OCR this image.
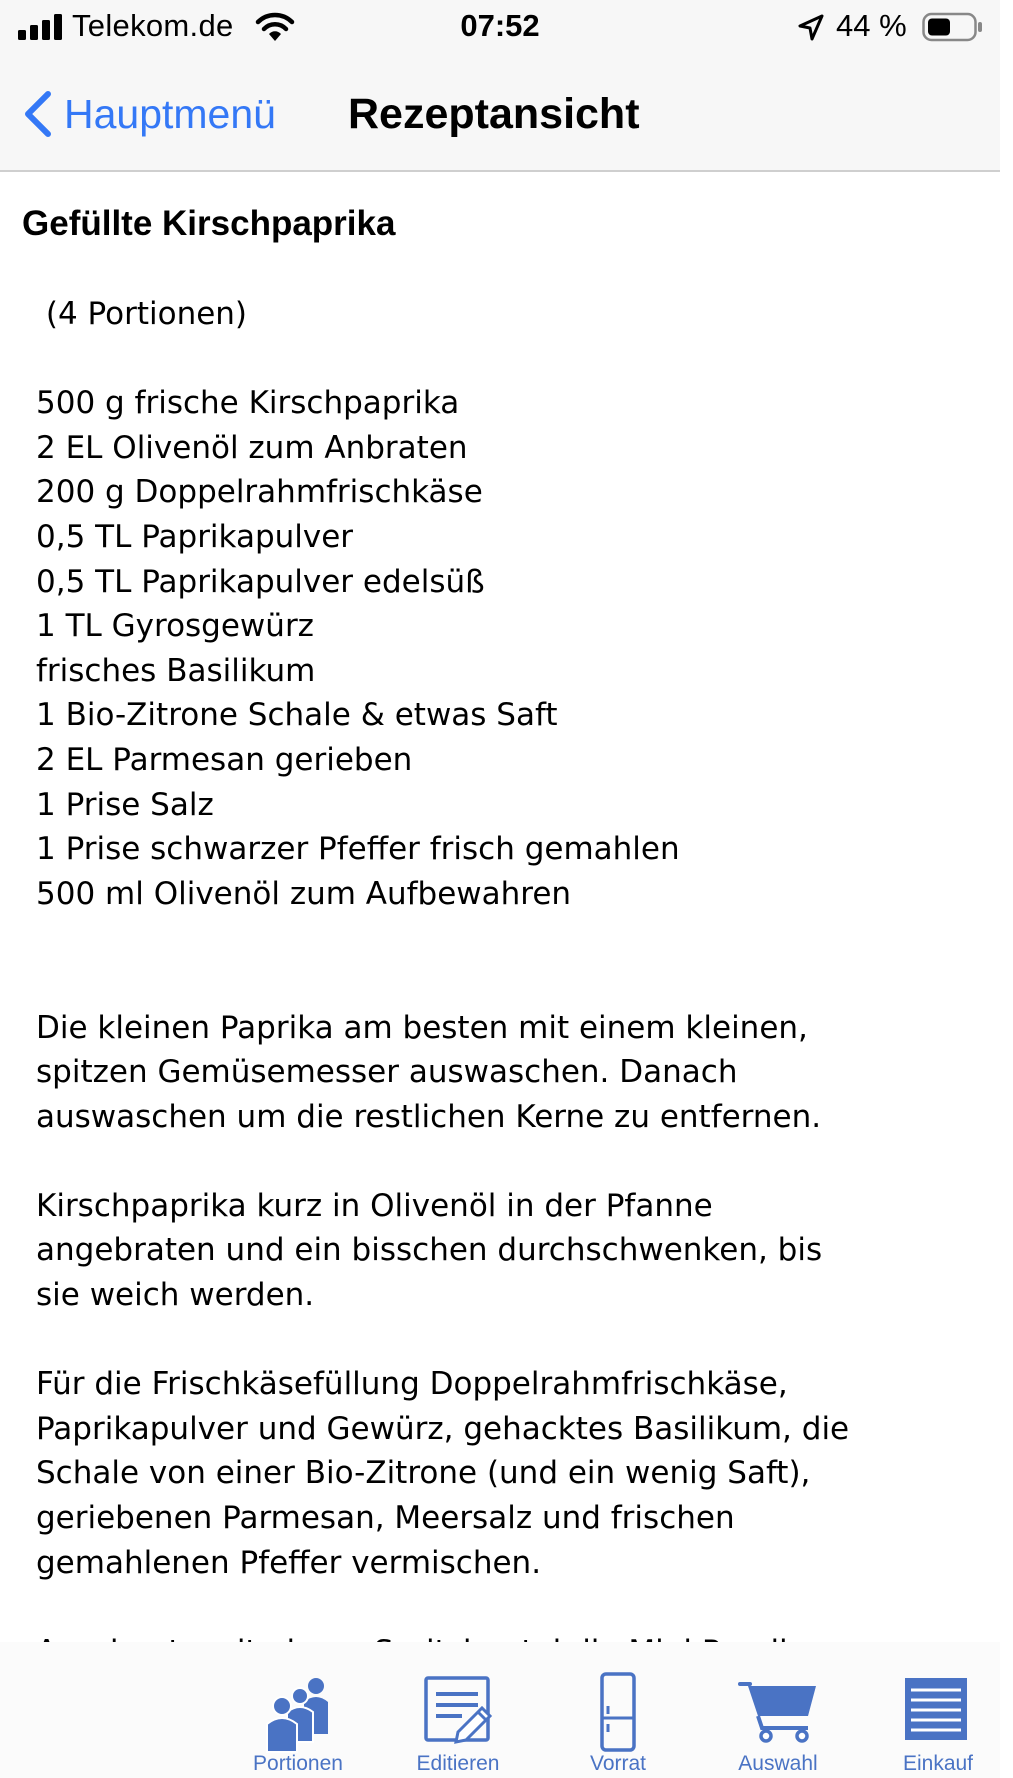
Telekom.de	07:52	44 %
Hauptmenü Rezeptansicht
Gefüllte Kirschpaprika
(4 Portionen)

500 g frische Kirschpaprika
2 EL Olivenöl zum Anbraten
200 g Doppelrahmfrischkäse
0,5 TL Paprikapulver
0,5 TL Paprikapulver edelsüß
1 TL Gyrosgewürz
frisches Basilikum
1 Bio-Zitrone Schale & etwas Saft
2 EL Parmesan gerieben
1 Prise Salz
1 Prise schwarzer Pfeffer frisch gemahlen
500 ml Olivenöl zum Aufbewahren

Die kleinen Paprika am besten mit einem kleinen,
spitzen Gemüsemesser auswaschen. Danach
auswaschen um die restlichen Kerne zu entfernen.

Kirschpaprika kurz in Olivenöl in der Pfanne
angebraten und ein bisschen durchschwenken, bis
sie weich werden.

Für die Frischkäsefüllung Doppelrahmfrischkäse,
Paprikapulver und Gewürz, gehacktes Basilikum, die
Schale von einer Bio-Zitrone (und ein wenig Saft),
geriebenen Parmesan, Meersalz und frischen
gemahlenen Pfeffer vermischen.

Portionen	Editieren	Vorrat	Auswahl	Einkauf
